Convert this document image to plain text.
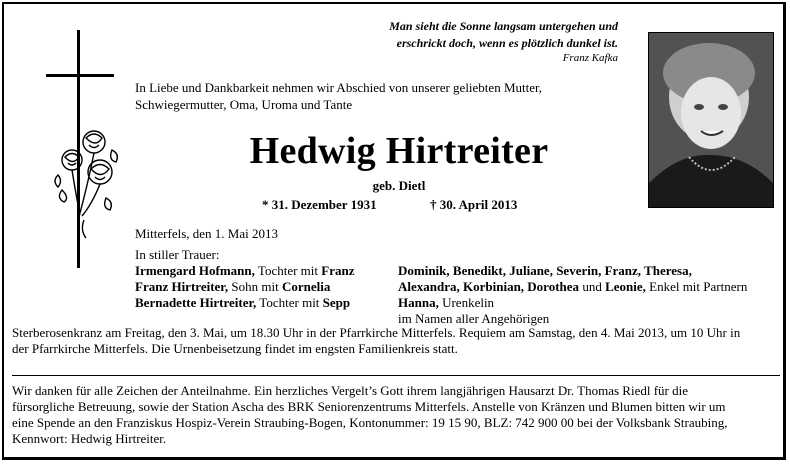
Man sieht die Sonne langsam untergehen und
erschrickt doch, wenn es plötzlich dunkel ist.
Franz Kafka
In Liebe und Dankbarkeit nehmen wir Abschied von unserer geliebten Mutter,
Schwiegermutter, Oma, Uroma und Tante
Hedwig Hirtreiter
geb. Dietl
* 31. Dezember 1931	† 30. April 2013
Mitterfels, den 1. Mai 2013
In stiller Trauer:
Irmengard Hofmann, Tochter mit Franz
Franz Hirtreiter, Sohn mit Cornelia
Bernadette Hirtreiter, Tochter mit Sepp
Dominik, Benedikt, Juliane, Severin, Franz, Theresa,
Alexandra, Korbinian, Dorothea und Leonie, Enkel mit Partnern
Hanna, Urenkelin
im Namen aller Angehörigen
Sterberosenkranz am Freitag, den 3. Mai, um 18.30 Uhr in der Pfarrkirche Mitterfels. Requiem am Samstag, den 4. Mai 2013, um 10 Uhr in
der Pfarrkirche Mitterfels. Die Urnenbeisetzung findet im engsten Familienkreis statt.
Wir danken für alle Zeichen der Anteilnahme. Ein herzliches Vergelt’s Gott ihrem langjährigen Hausarzt Dr. Thomas Riedl für die
fürsorgliche Betreuung, sowie der Station Ascha des BRK Seniorenzentrums Mitterfels. Anstelle von Kränzen und Blumen bitten wir um
eine Spende an den Franziskus Hospiz-Verein Straubing-Bogen, Kontonummer: 19 15 90, BLZ: 742 900 00 bei der Volksbank Straubing,
Kennwort: Hedwig Hirtreiter.
